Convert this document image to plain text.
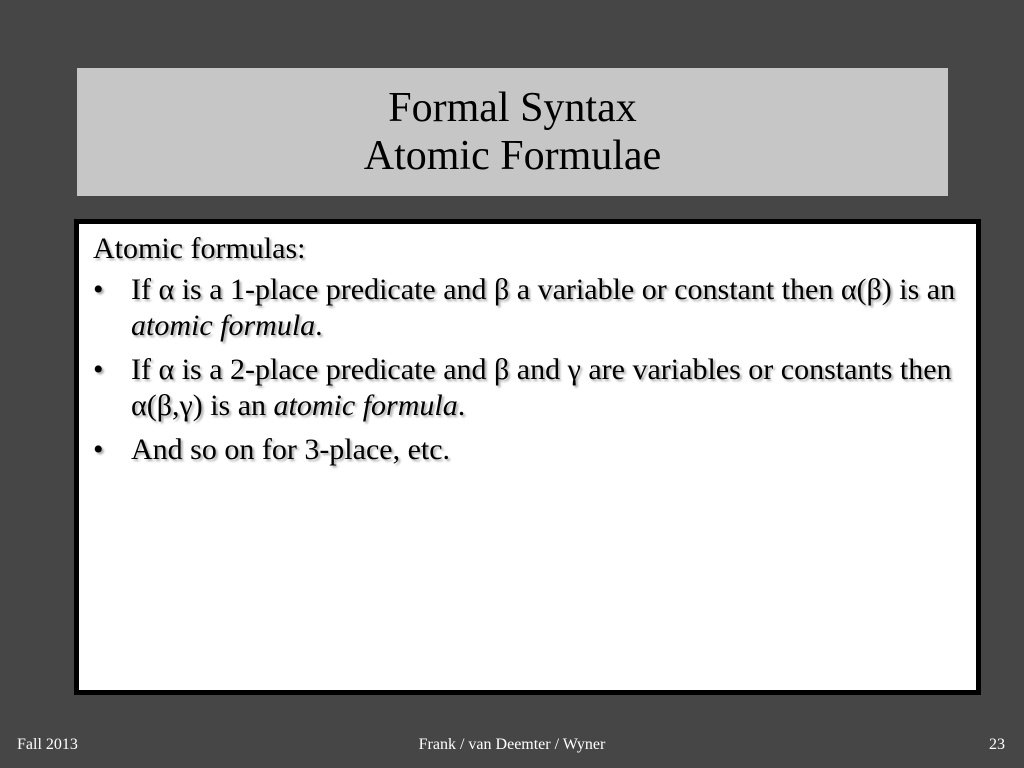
Formal Syntax
Atomic Formulae
Atomic formulas:
• If α is a 1-place predicate and β a variable or constant then α(β) is an atomic formula.
• If α is a 2-place predicate and β and γ are variables or constants then α(β,γ) is an atomic formula.
• And so on for 3-place, etc.
Fall 2013	Frank / van Deemter / Wyner	23
